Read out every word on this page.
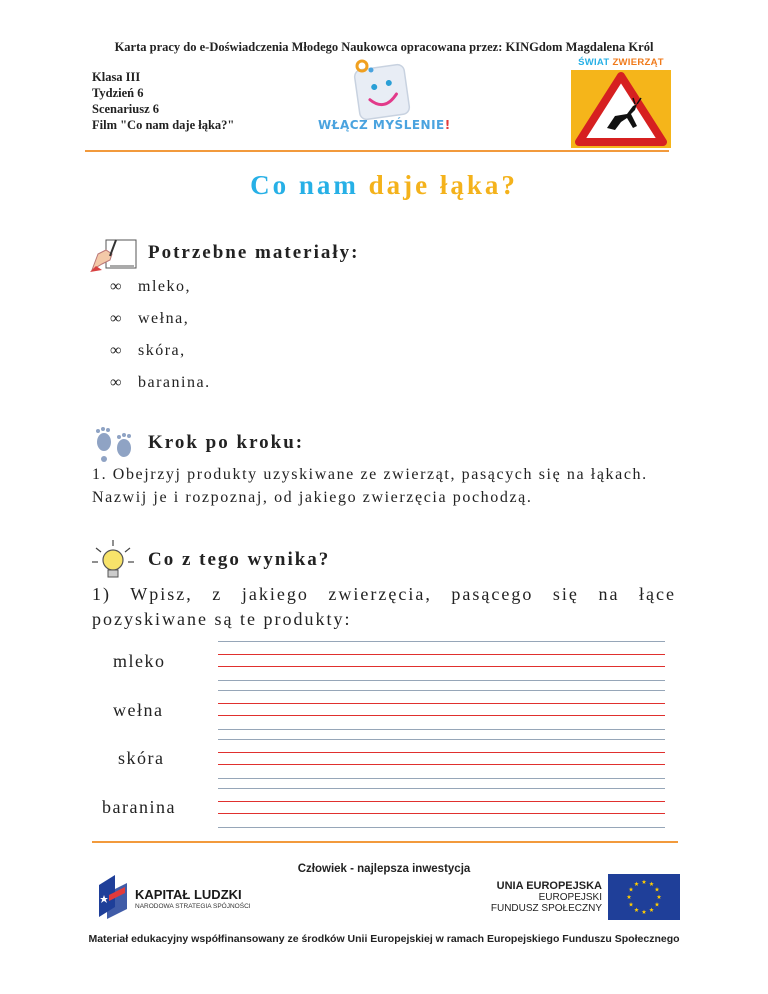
Karta pracy do e-Doświadczenia Młodego Naukowca opracowana przez: KINGdom Magdalena Król
Klasa III
Tydzień 6
Scenariusz 6
Film "Co nam daje łąka?"	WŁĄCZ MYŚLENIE!
ŚWIAT ZWIERZĄT
Co nam daje łąka?
Potrzebne materiały:
∞ mleko,
∞ wełna,
∞ skóra,
∞ baranina.
Krok po kroku:
1. Obejrzyj produkty uzyskiwane ze zwierząt, pasących się na łąkach. Nazwij je i rozpoznaj, od jakiego zwierzęcia pochodzą.
Co z tego wynika?
1) Wpisz, z jakiego zwierzęcia, pasącego się na łące pozyskiwane są te produkty:
mleko
wełna
skóra
baranina
Człowiek - najlepsza inwestycja
KAPITAŁ LUDZKI
NARODOWA STRATEGIA SPÓJNOŚCI
UNIA EUROPEJSKA
EUROPEJSKI
FUNDUSZ SPOŁECZNY
Materiał edukacyjny współfinansowany ze środków Unii Europejskiej w ramach Europejskiego Funduszu Społecznego
